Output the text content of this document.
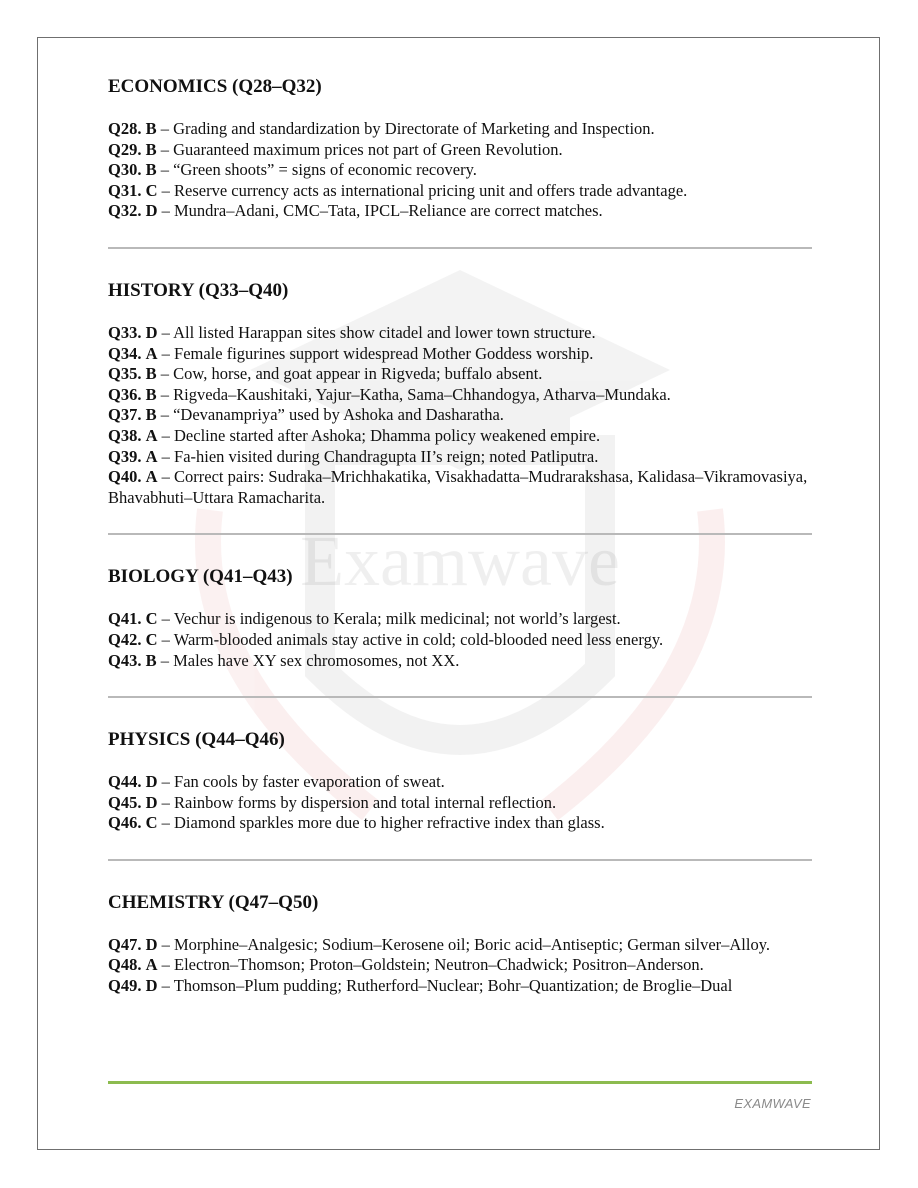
Examwave
ECONOMICS (Q28–Q32)

Q28. B – Grading and standardization by Directorate of Marketing and Inspection.

Q29. B – Guaranteed maximum prices not part of Green Revolution.

Q30. B – “Green shoots” = signs of economic recovery.

Q31. C – Reserve currency acts as international pricing unit and offers trade advantage.

Q32. D – Mundra–Adani, CMC–Tata, IPCL–Reliance are correct matches.

HISTORY (Q33–Q40)

Q33. D – All listed Harappan sites show citadel and lower town structure.

Q34. A – Female figurines support widespread Mother Goddess worship.

Q35. B – Cow, horse, and goat appear in Rigveda; buffalo absent.

Q36. B – Rigveda–Kaushitaki, Yajur–Katha, Sama–Chhandogya, Atharva–Mundaka.

Q37. B – “Devanampriya” used by Ashoka and Dasharatha.

Q38. A – Decline started after Ashoka; Dhamma policy weakened empire.

Q39. A – Fa-hien visited during Chandragupta II’s reign; noted Patliputra.

Q40. A – Correct pairs: Sudraka–Mrichhakatika, Visakhadatta–Mudrarakshasa, Kalidasa–Vikramovasiya, Bhavabhuti–Uttara Ramacharita.

BIOLOGY (Q41–Q43)

Q41. C – Vechur is indigenous to Kerala; milk medicinal; not world’s largest.

Q42. C – Warm-blooded animals stay active in cold; cold-blooded need less energy.

Q43. B – Males have XY sex chromosomes, not XX.

PHYSICS (Q44–Q46)

Q44. D – Fan cools by faster evaporation of sweat.

Q45. D – Rainbow forms by dispersion and total internal reflection.

Q46. C – Diamond sparkles more due to higher refractive index than glass.

CHEMISTRY (Q47–Q50)

Q47. D – Morphine–Analgesic; Sodium–Kerosene oil; Boric acid–Antiseptic; German silver–Alloy.

Q48. A – Electron–Thomson; Proton–Goldstein; Neutron–Chadwick; Positron–Anderson.

Q49. D – Thomson–Plum pudding; Rutherford–Nuclear; Bohr–Quantization; de Broglie–Dual

EXAMWAVE
